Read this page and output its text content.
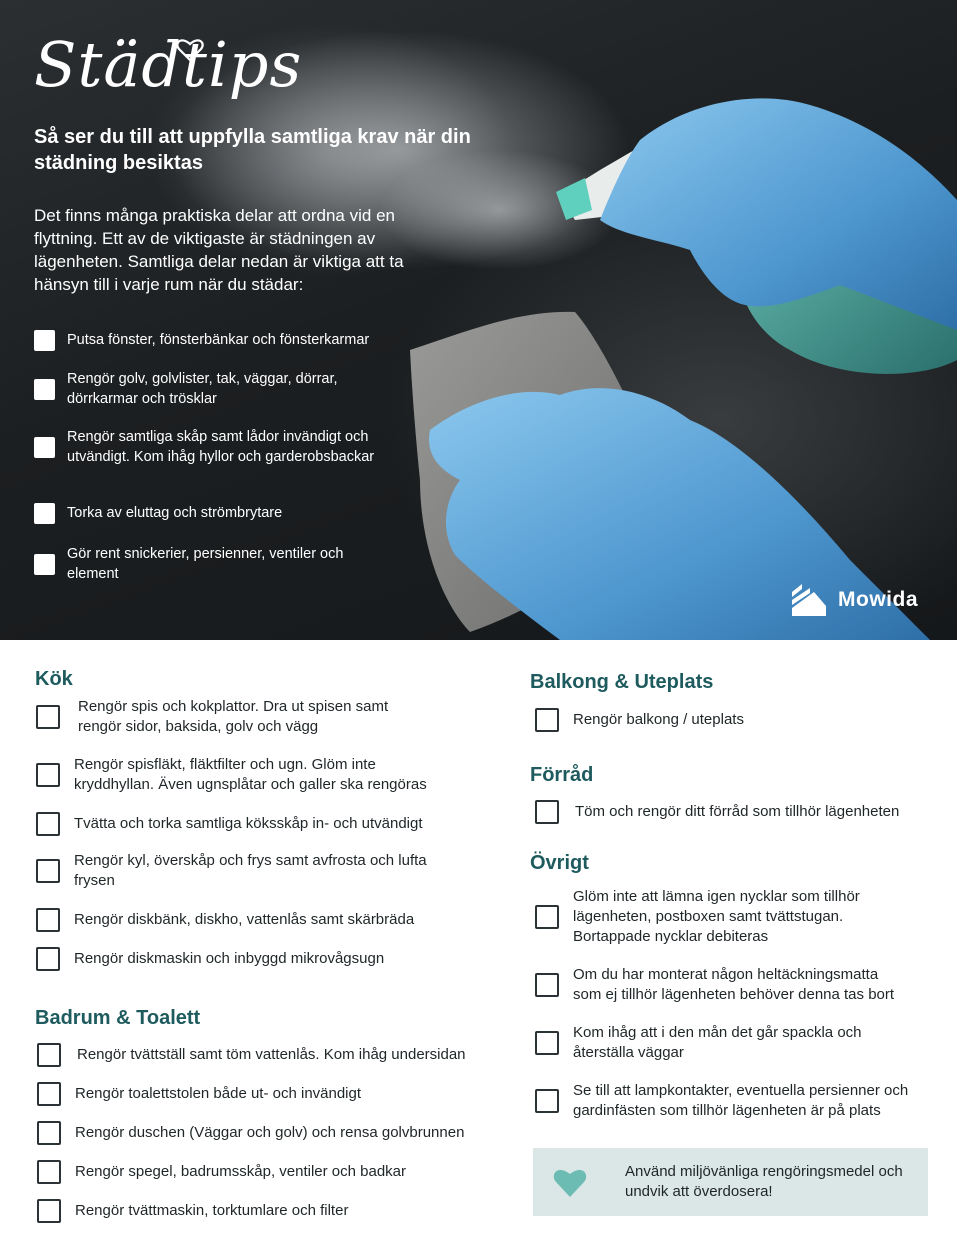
Städtips
Så ser du till att uppfylla samtliga krav när din städning besiktas
Det finns många praktiska delar att ordna vid en flyttning. Ett av de viktigaste är städningen av lägenheten. Samtliga delar nedan är viktiga att ta hänsyn till i varje rum när du städar:
Putsa fönster, fönsterbänkar och fönsterkarmar
Rengör golv, golvlister, tak, väggar, dörrar, dörrkarmar och trösklar
Rengör samtliga skåp samt lådor invändigt och utvändigt. Kom ihåg hyllor och garderobsbackar
Torka av eluttag och strömbrytare
Gör rent snickerier, persienner, ventiler och element
Mowida
Kök
Rengör spis och kokplattor. Dra ut spisen samt rengör sidor, baksida, golv och vägg
Rengör spisfläkt, fläktfilter och ugn. Glöm inte kryddhyllan. Även ugnsplåtar och galler ska rengöras
Tvätta och torka samtliga köksskåp in- och utvändigt
Rengör kyl, överskåp och frys samt avfrosta och lufta frysen
Rengör diskbänk, diskho, vattenlås samt skärbräda
Rengör diskmaskin och inbyggd mikrovågsugn
Badrum & Toalett
Rengör tvättställ samt töm vattenlås. Kom ihåg undersidan
Rengör toalettstolen både ut- och invändigt
Rengör duschen (Väggar och golv) och rensa golvbrunnen
Rengör spegel, badrumsskåp, ventiler och badkar
Rengör tvättmaskin, torktumlare och filter
Balkong & Uteplats
Rengör balkong / uteplats
Förråd
Töm och rengör ditt förråd som tillhör lägenheten
Övrigt
Glöm inte att lämna igen nycklar som tillhör lägenheten, postboxen samt tvättstugan. Bortappade nycklar debiteras
Om du har monterat någon heltäckningsmatta som ej tillhör lägenheten behöver denna tas bort
Kom ihåg att i den mån det går spackla och återställa väggar
Se till att lampkontakter, eventuella persienner och gardinfästen som tillhör lägenheten är på plats
Använd miljövänliga rengöringsmedel och undvik att överdosera!
